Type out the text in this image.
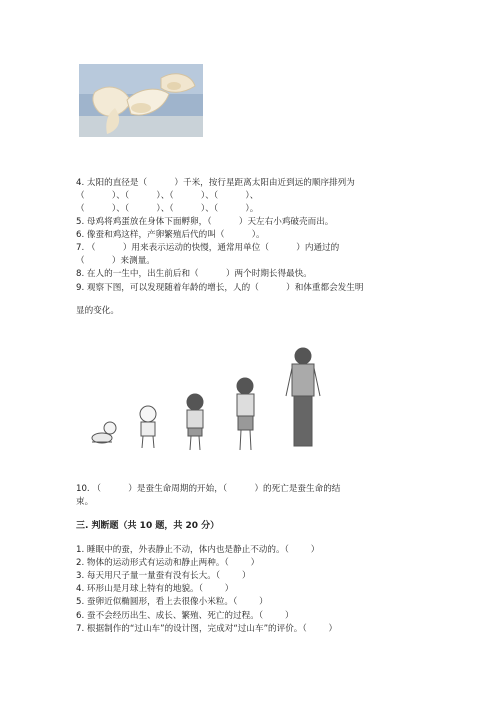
4. 太阳的直径是（          ）千米，按行星距离太阳由近到远的顺序排列为
（          ）、（          ）、（          ）、（          ）、
（          ）、（          ）、（          ）、（          ）。
5. 母鸡将鸡蛋放在身体下面孵卵，（          ）天左右小鸡破壳而出。
6. 像蚕和鸡这样，产卵繁殖后代的叫（          ）。
7. （          ）用来表示运动的快慢，通常用单位（          ）内通过的
（          ）来测量。
8. 在人的一生中，出生前后和（          ）两个时期长得最快。
9. 观察下图，可以发现随着年龄的增长，人的（          ）和体重都会发生明
显的变化。
10. （          ）是蚕生命周期的开始，（          ）的死亡是蚕生命的结
束。
三. 判断题（共 10 题，共 20 分）
1. 睡眠中的蚕，外表静止不动，体内也是静止不动的。（        ）
2. 物体的运动形式有运动和静止两种。（        ）
3. 每天用尺子量一量蚕有没有长大。（        ）
4. 环形山是月球上特有的地貌。（        ）
5. 蚕卵近似椭圆形，看上去很像小米粒。（        ）
6. 蚕不会经历出生、成长、繁殖、死亡的过程。（        ）
7. 根据制作的“过山车”的设计图，完成对“过山车”的评价。（        ）
